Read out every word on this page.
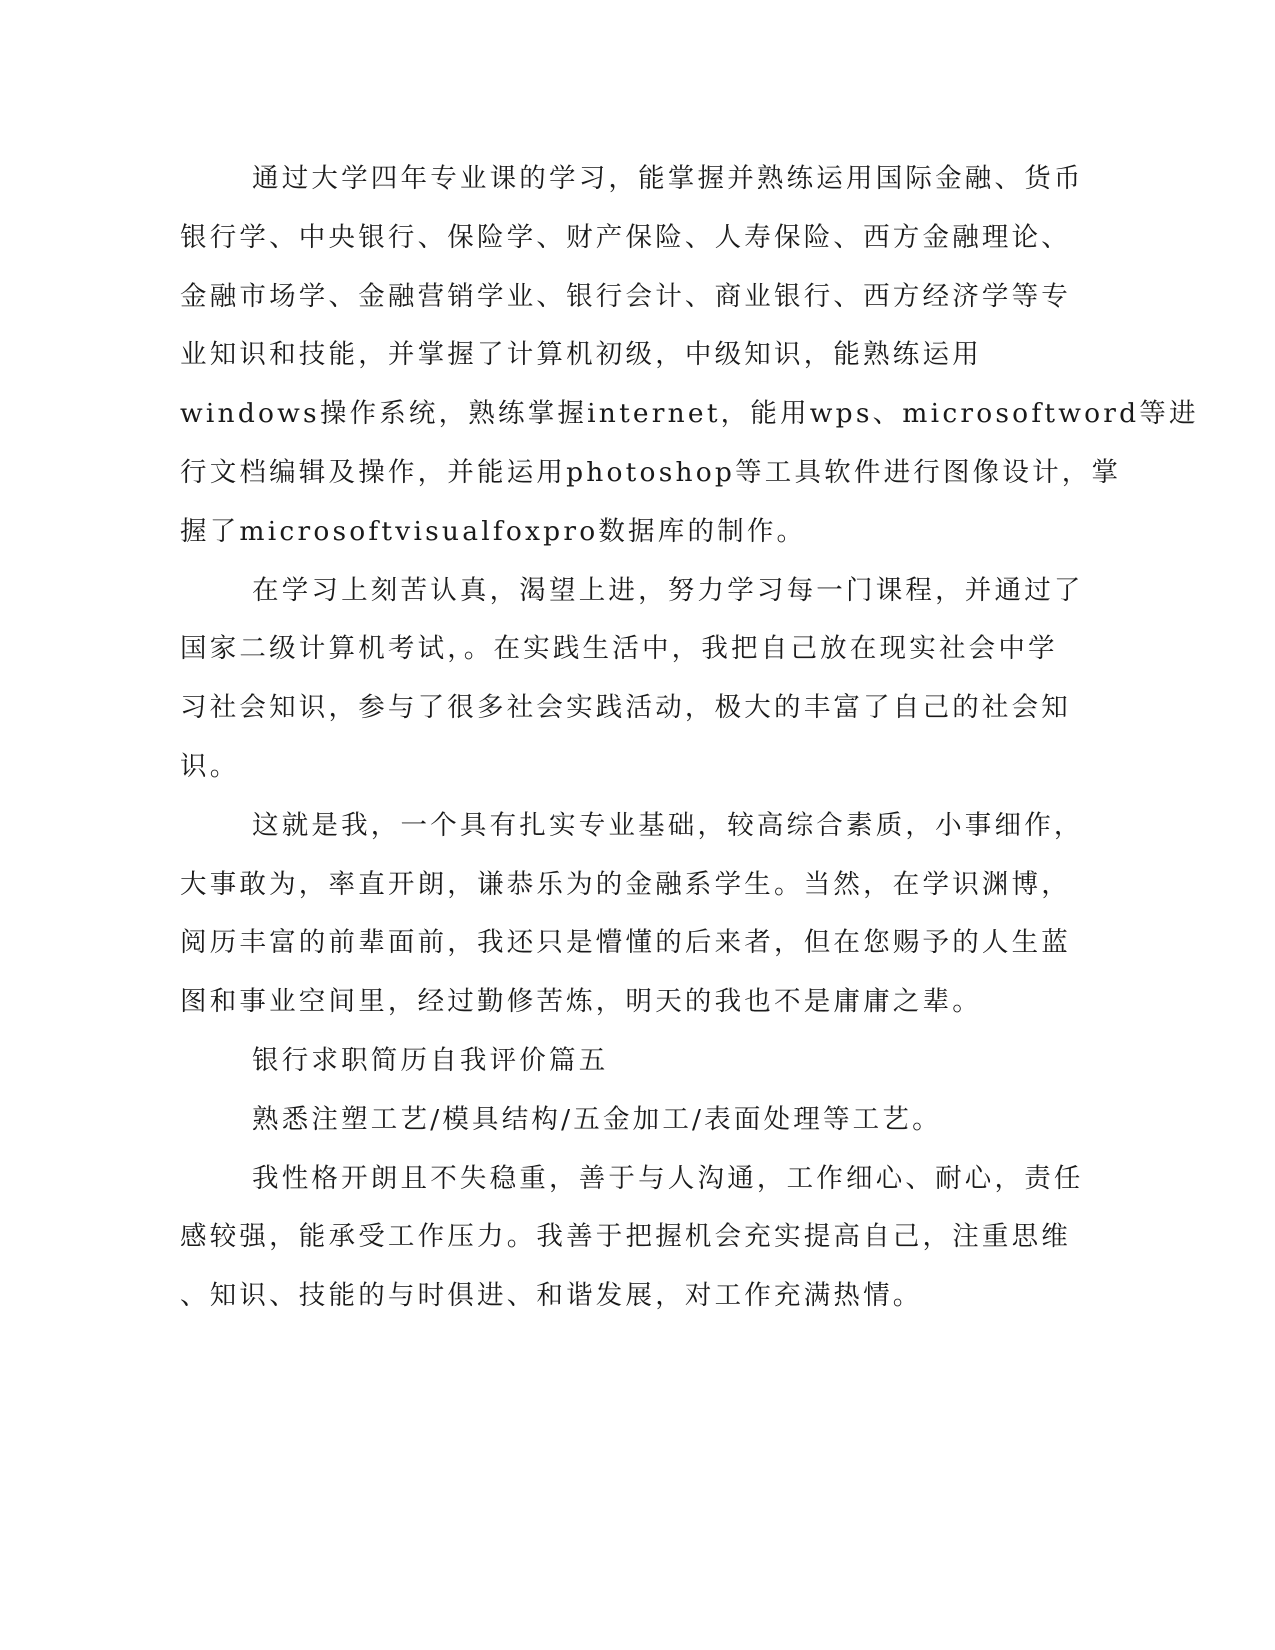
通过大学四年专业课的学习，能掌握并熟练运用国际金融、货币
银行学、中央银行、保险学、财产保险、人寿保险、西方金融理论、
金融市场学、金融营销学业、银行会计、商业银行、西方经济学等专
业知识和技能，并掌握了计算机初级，中级知识，能熟练运用
windows操作系统，熟练掌握internet，能用wps、microsoftword等进
行文档编辑及操作，并能运用photoshop等工具软件进行图像设计，掌
握了microsoftvisualfoxpro数据库的制作。
在学习上刻苦认真，渴望上进，努力学习每一门课程，并通过了
国家二级计算机考试，。在实践生活中，我把自己放在现实社会中学
习社会知识，参与了很多社会实践活动，极大的丰富了自己的社会知
识。
这就是我，一个具有扎实专业基础，较高综合素质，小事细作，
大事敢为，率直开朗，谦恭乐为的金融系学生。当然，在学识渊博，
阅历丰富的前辈面前，我还只是懵懂的后来者，但在您赐予的人生蓝
图和事业空间里，经过勤修苦炼，明天的我也不是庸庸之辈。
银行求职简历自我评价篇五
熟悉注塑工艺/模具结构/五金加工/表面处理等工艺。
我性格开朗且不失稳重，善于与人沟通，工作细心、耐心，责任
感较强，能承受工作压力。我善于把握机会充实提高自己，注重思维
、知识、技能的与时俱进、和谐发展，对工作充满热情。
